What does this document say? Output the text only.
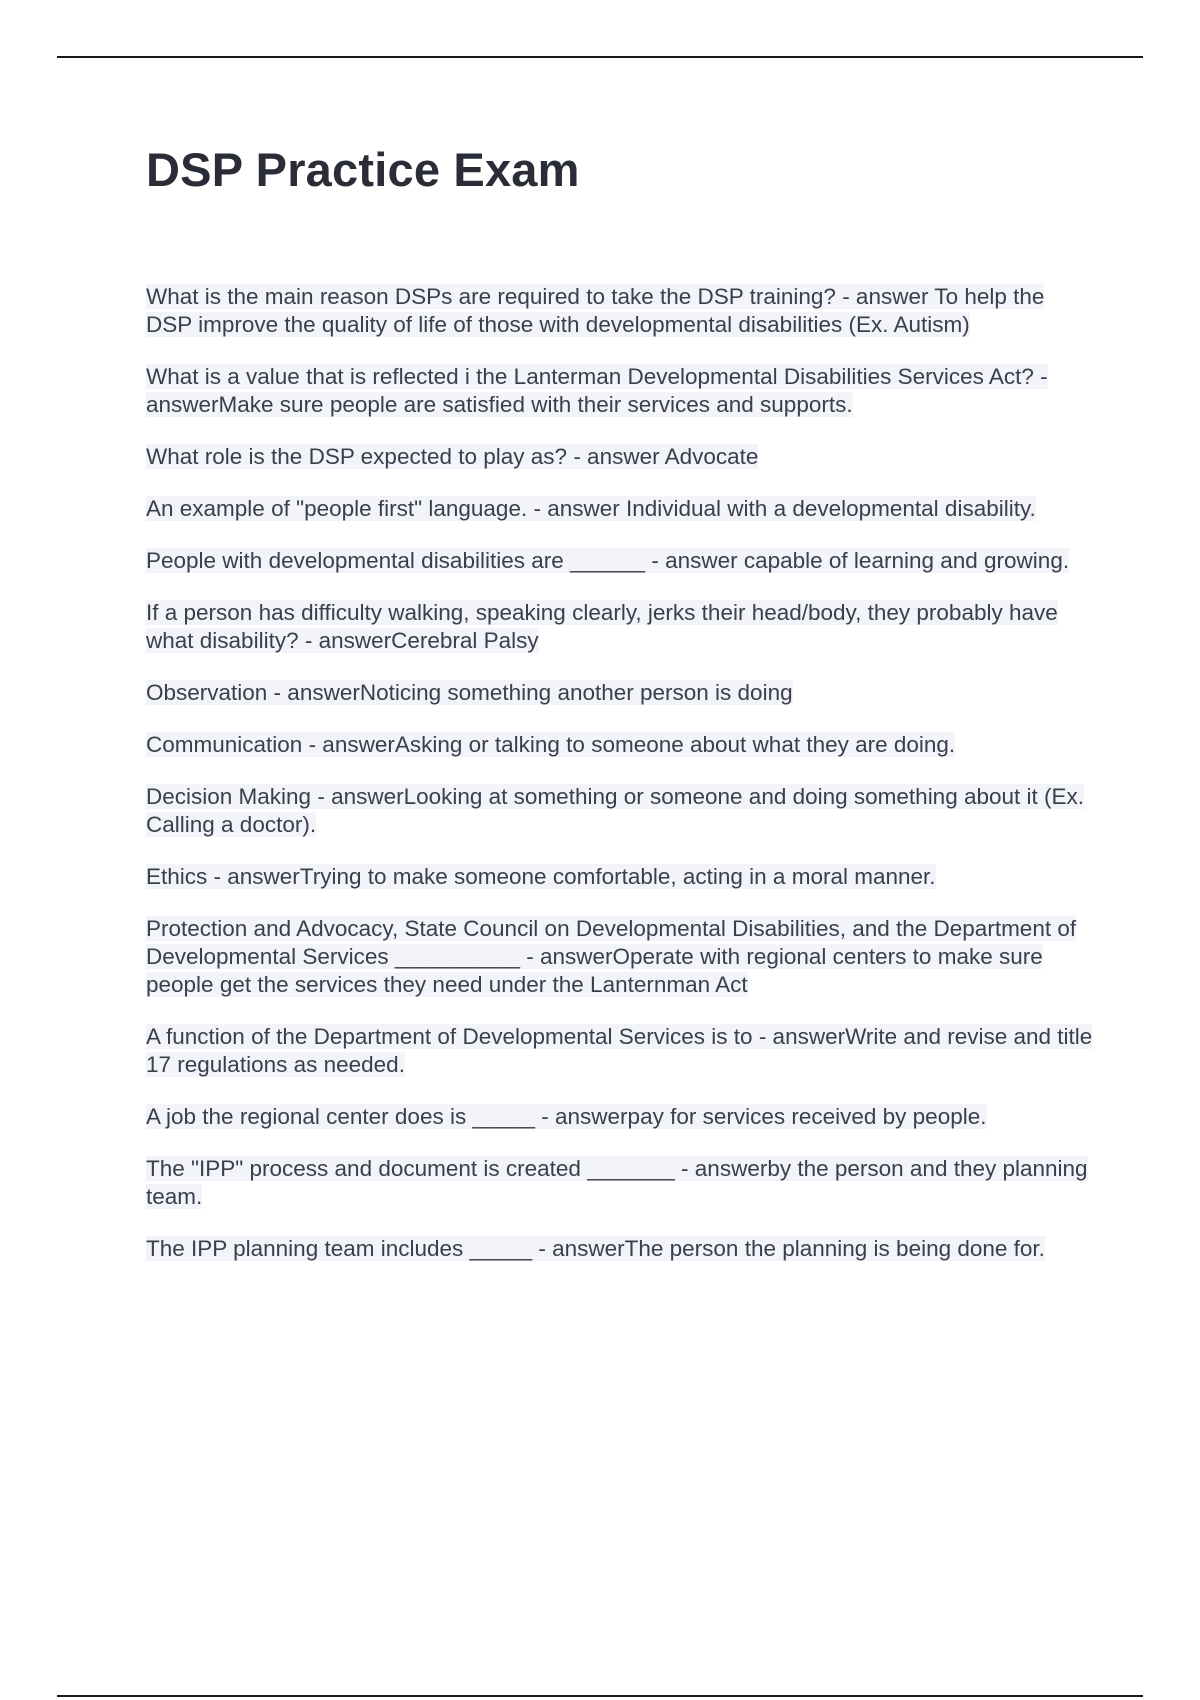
DSP Practice Exam

What is the main reason DSPs are required to take the DSP training? - answer To help the DSP improve the quality of life of those with developmental disabilities (Ex. Autism)

What is a value that is reflected i the Lanterman Developmental Disabilities Services Act? - answerMake sure people are satisfied with their services and supports.

What role is the DSP expected to play as? - answer Advocate

An example of "people first" language. - answer Individual with a developmental disability.

People with developmental disabilities are ______ - answer capable of learning and growing.

If a person has difficulty walking, speaking clearly, jerks their head/body, they probably have what disability? - answerCerebral Palsy

Observation - answerNoticing something another person is doing

Communication - answerAsking or talking to someone about what they are doing.

Decision Making - answerLooking at something or someone and doing something about it (Ex. Calling a doctor).

Ethics - answerTrying to make someone comfortable, acting in a moral manner.

Protection and Advocacy, State Council on Developmental Disabilities, and the Department of Developmental Services __________ - answerOperate with regional centers to make sure people get the services they need under the Lanternman Act

A function of the Department of Developmental Services is to - answerWrite and revise and title 17 regulations as needed.

A job the regional center does is _____ - answerpay for services received by people.

The "IPP" process and document is created _______ - answerby the person and they planning team.

The IPP planning team includes _____ - answerThe person the planning is being done for.
